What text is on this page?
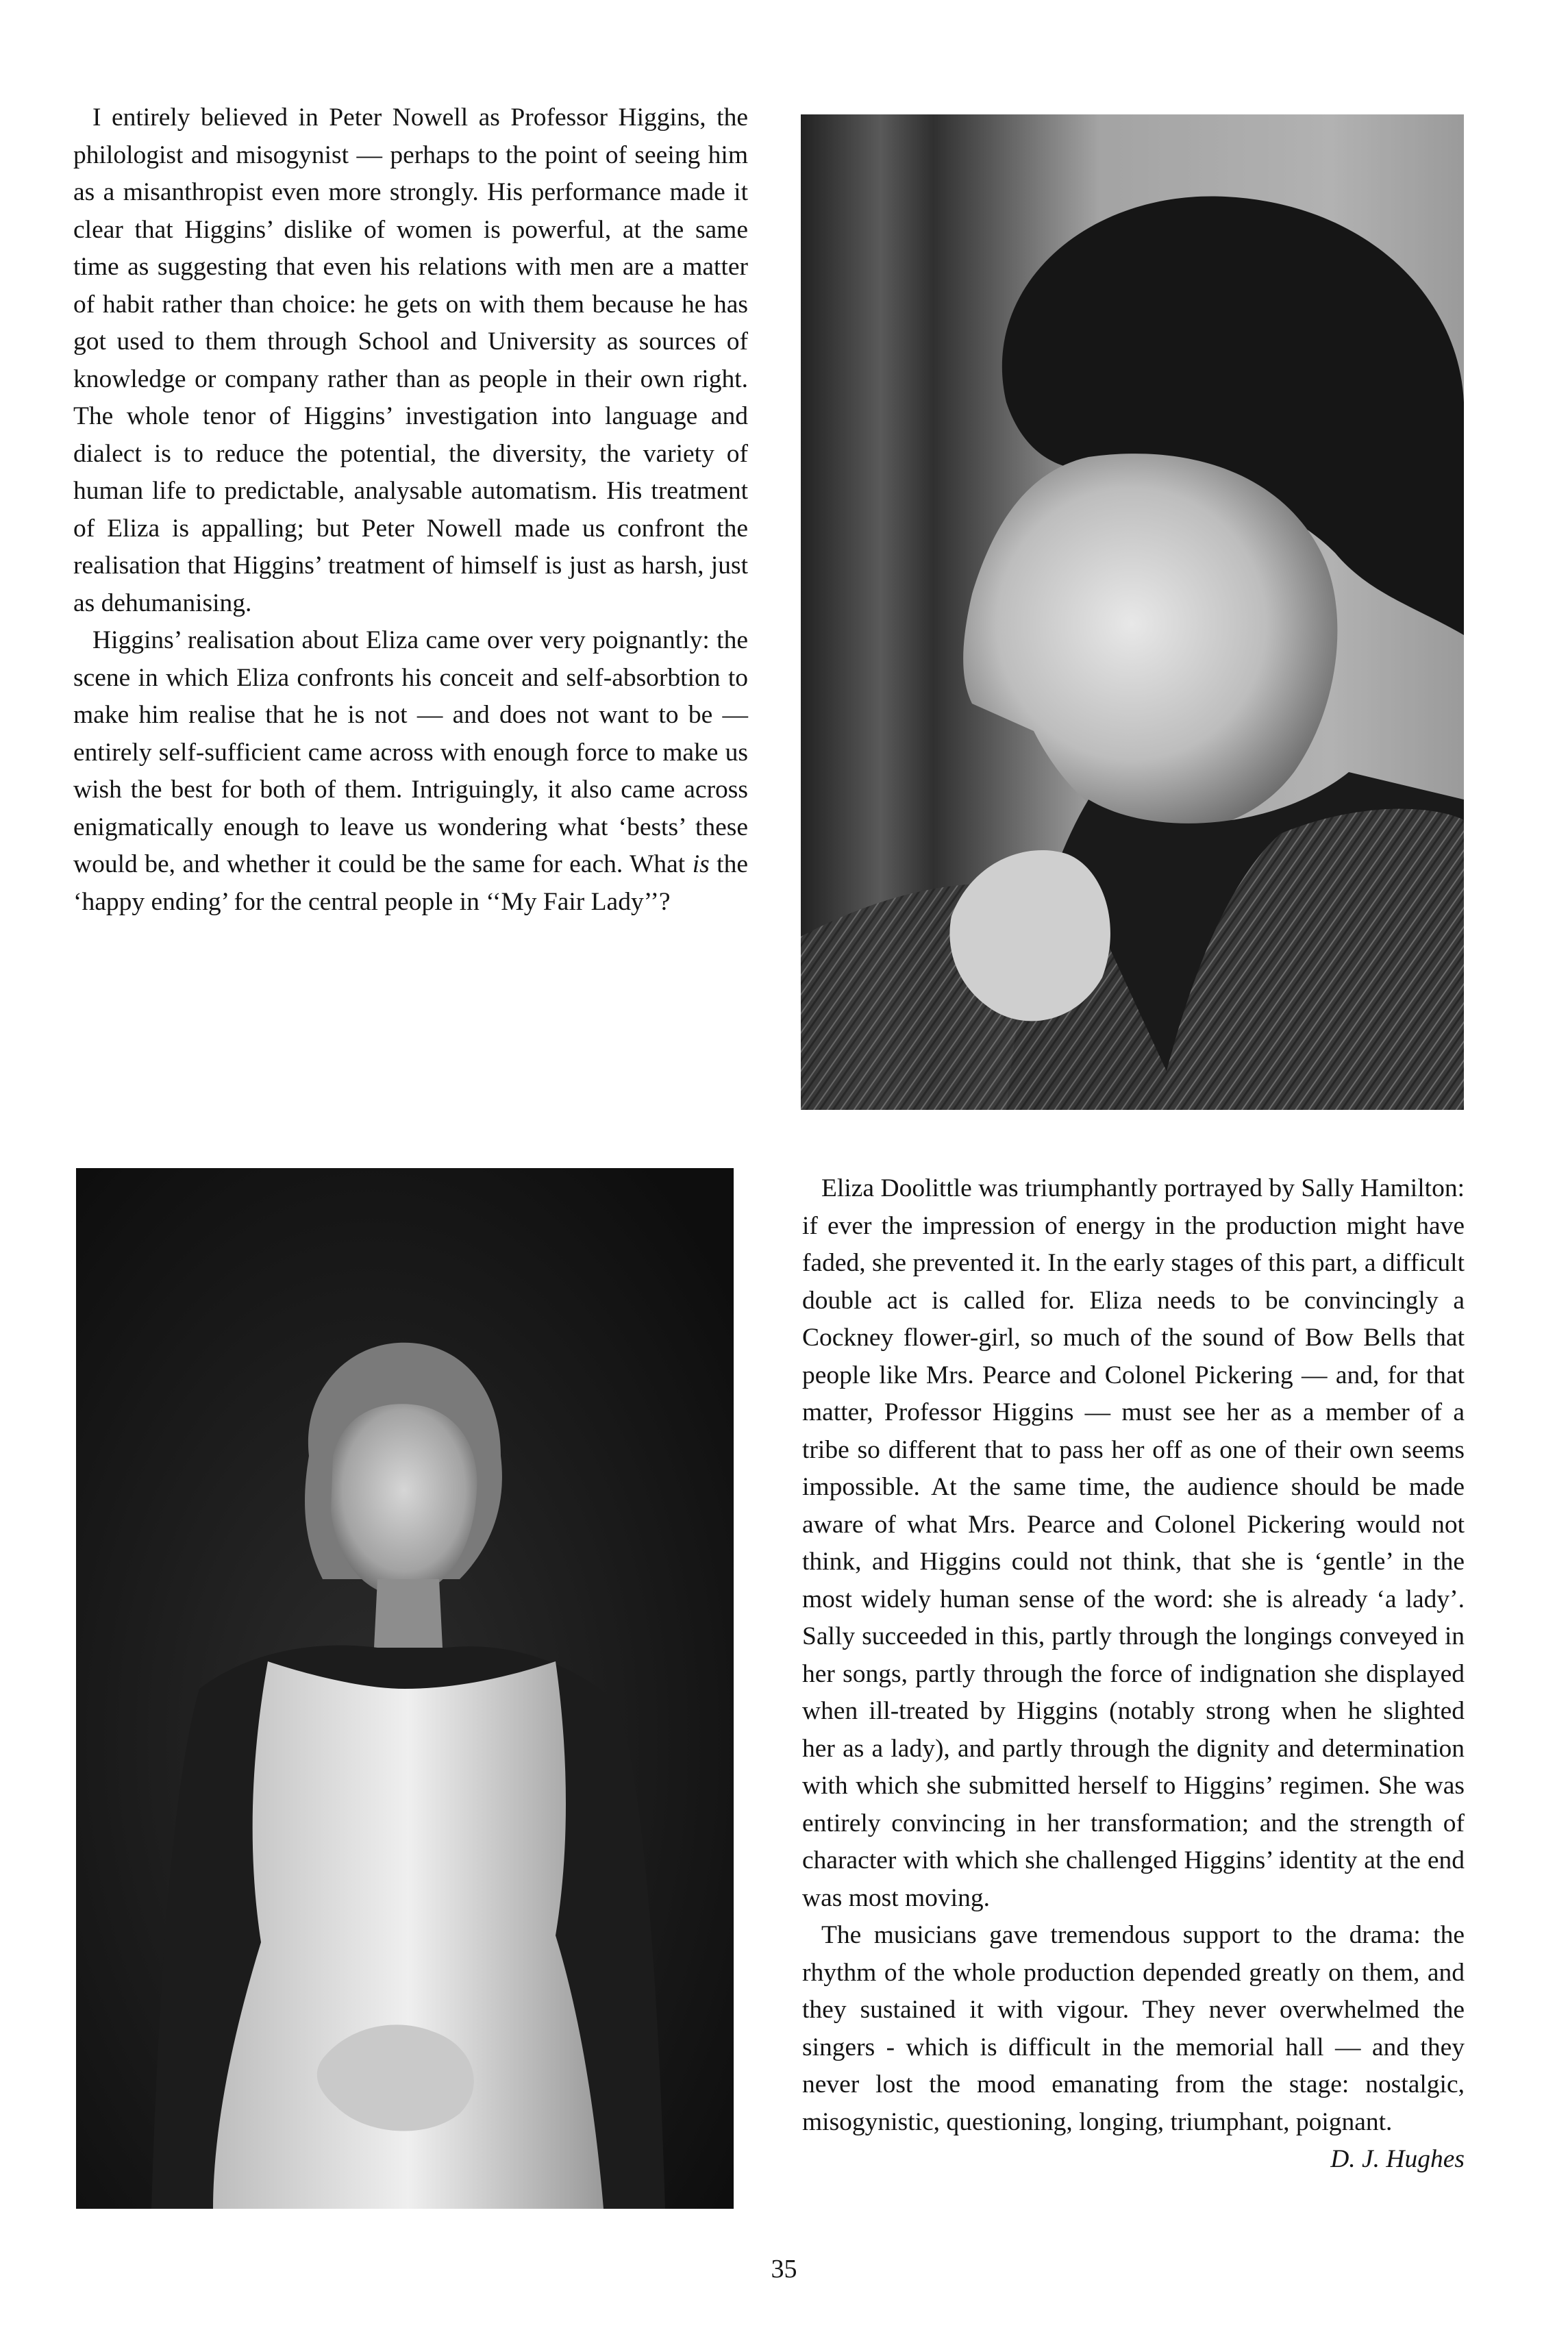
I entirely believed in Peter Nowell as Professor Higgins, the philologist and misogynist — perhaps to the point of seeing him as a misanthropist even more strongly. His performance made it clear that Higgins’ dislike of women is powerful, at the same time as suggesting that even his relations with men are a matter of habit rather than choice: he gets on with them because he has got used to them through School and University as sources of knowledge or company rather than as people in their own right. The whole tenor of Higgins’ investigation into language and dialect is to reduce the potential, the diversity, the variety of human life to predictable, analysable automatism. His treatment of Eliza is appalling; but Peter Nowell made us confront the realisation that Higgins’ treatment of himself is just as harsh, just as dehumanising.

Higgins’ realisation about Eliza came over very poignantly: the scene in which Eliza confronts his conceit and self-absorbtion to make him realise that he is not — and does not want to be — entirely self-sufficient came across with enough force to make us wish the best for both of them. Intriguingly, it also came across enigmatically enough to leave us wondering what ‘bests’ these would be, and whether it could be the same for each. What is the ‘happy ending’ for the central people in ‘‘My Fair Lady’’?

Eliza Doolittle was triumphantly portrayed by Sally Hamilton: if ever the impression of energy in the production might have faded, she prevented it. In the early stages of this part, a difficult double act is called for. Eliza needs to be convincingly a Cockney flower-girl, so much of the sound of Bow Bells that people like Mrs. Pearce and Colonel Pickering — and, for that matter, Professor Higgins — must see her as a member of a tribe so different that to pass her off as one of their own seems impossible. At the same time, the audience should be made aware of what Mrs. Pearce and Colonel Pickering would not think, and Higgins could not think, that she is ‘gentle’ in the most widely human sense of the word: she is already ‘a lady’. Sally succeeded in this, partly through the longings conveyed in her songs, partly through the force of indignation she displayed when ill-treated by Higgins (notably strong when he slighted her as a lady), and partly through the dignity and determination with which she submitted herself to Higgins’ regimen. She was entirely convincing in her transformation; and the strength of character with which she challenged Higgins’ identity at the end was most moving.

The musicians gave tremendous support to the drama: the rhythm of the whole production depended greatly on them, and they sustained it with vigour. They never overwhelmed the singers - which is difficult in the memorial hall — and they never lost the mood emanating from the stage: nostalgic, misogynistic, questioning, longing, triumphant, poignant.

D. J. Hughes

35
